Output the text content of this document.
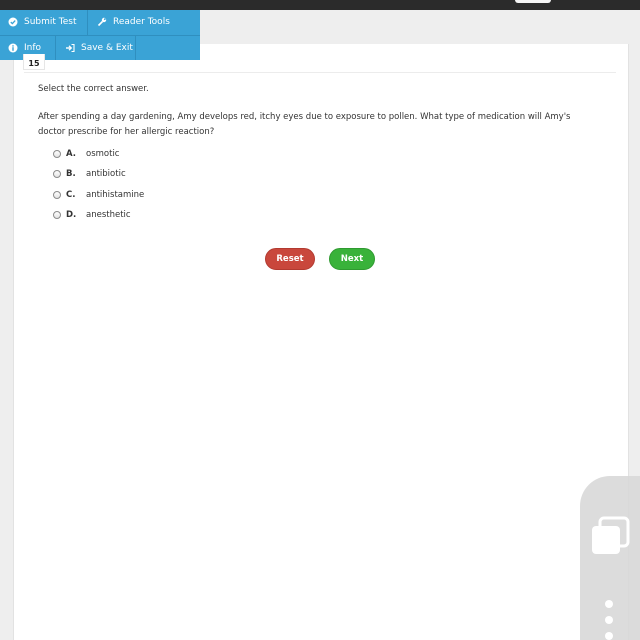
Submit Test	Reader Tools
Info	Save & Exit
15
Select the correct answer.
After spending a day gardening, Amy develops red, itchy eyes due to exposure to pollen. What type of medication will Amy's doctor prescribe for her allergic reaction?
A.	osmotic
B.	antibiotic
C.	antihistamine
D.	anesthetic
Reset	Next
